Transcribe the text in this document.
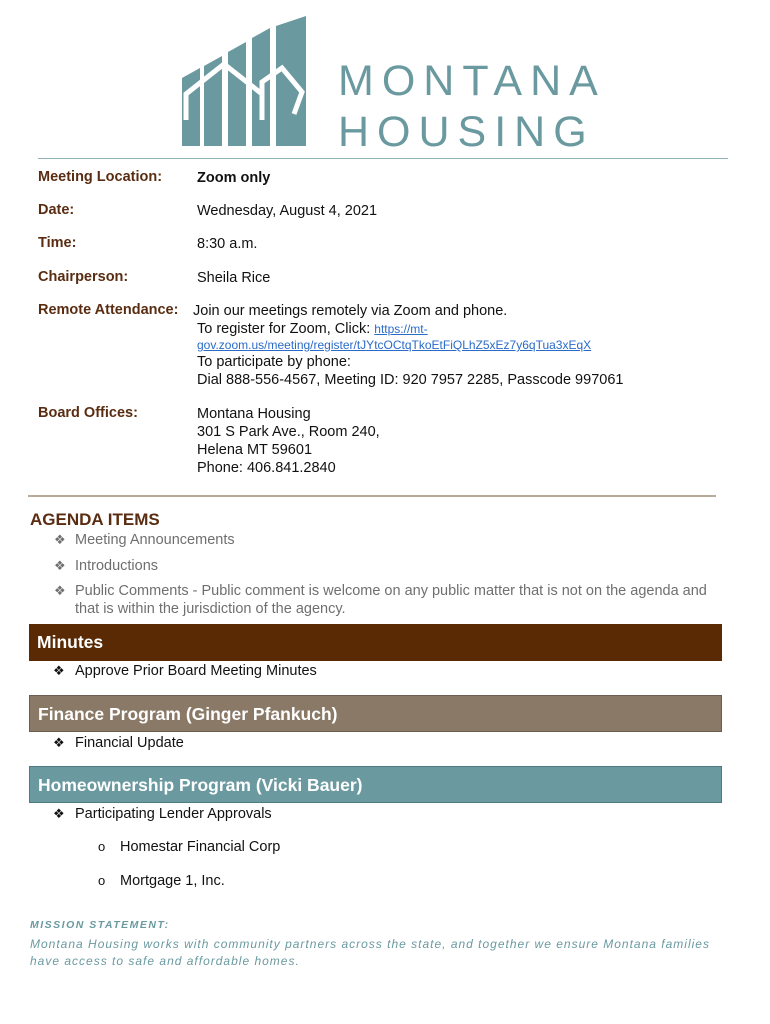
MONTANA
HOUSING
Meeting Location: Zoom only
Date:	Wednesday, August 4, 2021
Time:	8:30 a.m.
Chairperson:	Sheila Rice
Remote Attendance: Join our meetings remotely via Zoom and phone.
To register for Zoom, Click: https://mt-
gov.zoom.us/meeting/register/tJYtcOCtqTkoEtFiQLhZ5xEz7y6qTua3xEqX
To participate by phone:
Dial 888-556-4567, Meeting ID: 920 7957 2285, Passcode 997061
Board Offices:	Montana Housing
301 S Park Ave., Room 240,
Helena MT 59601
Phone: 406.841.2840
AGENDA ITEMS
❖ Meeting Announcements
❖ Introductions
❖ Public Comments - Public comment is welcome on any public matter that is not on the agenda and
that is within the jurisdiction of the agency.
Minutes
❖ Approve Prior Board Meeting Minutes
Finance Program (Ginger Pfankuch)
❖ Financial Update
Homeownership Program (Vicki Bauer)
❖ Participating Lender Approvals
o Homestar Financial Corp
o Mortgage 1, Inc.
MISSION STATEMENT:
Montana Housing works with community partners across the state, and together we ensure Montana families have access to safe and affordable homes.
